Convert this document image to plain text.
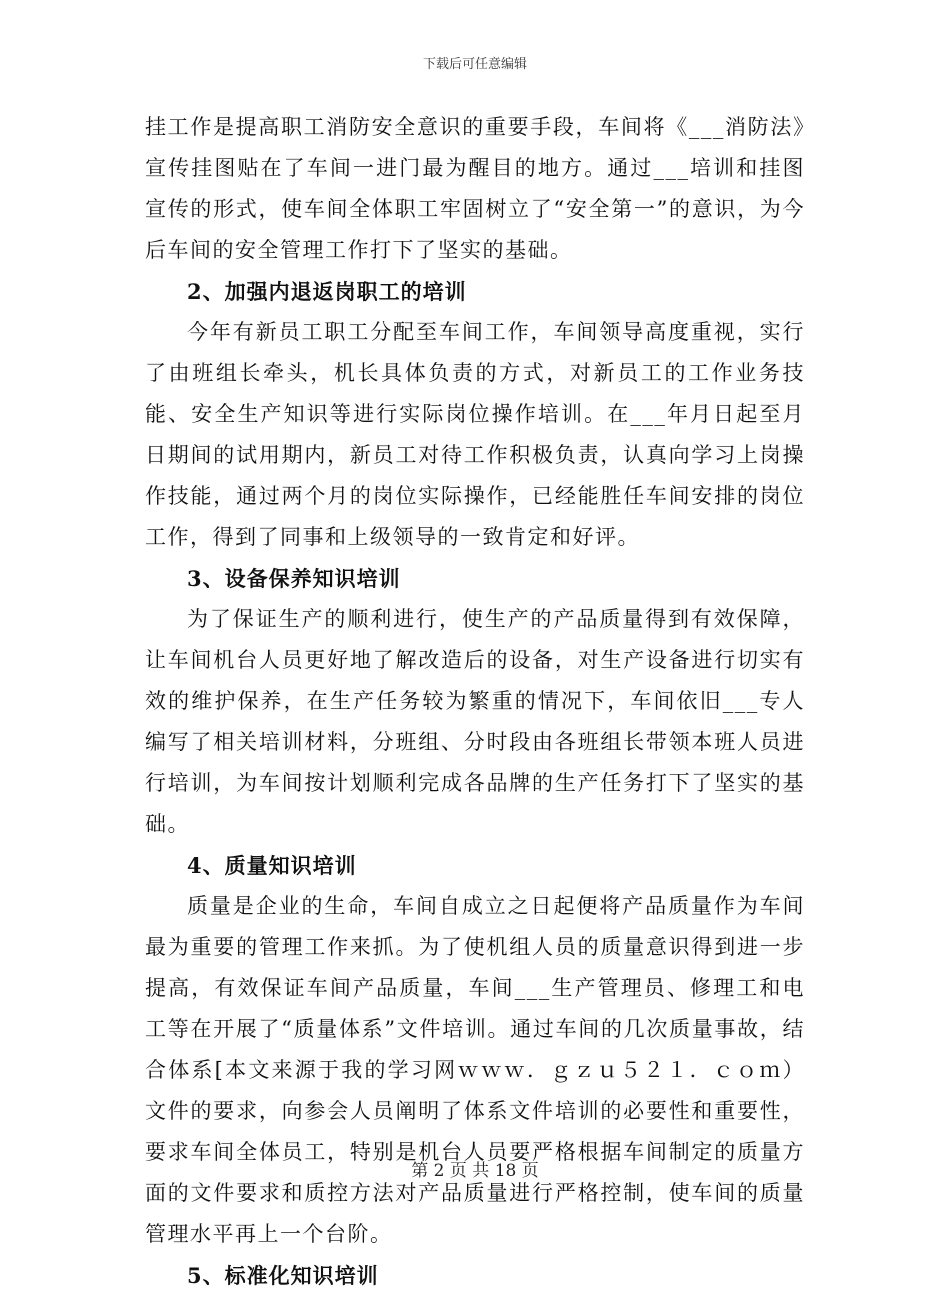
下载后可任意编辑

挂工作是提高职工消防安全意识的重要手段，车间将《___消防法》宣传挂图贴在了车间一进门最为醒目的地方。通过___培训和挂图宣传的形式，使车间全体职工牢固树立了“安全第一”的意识，为今后车间的安全管理工作打下了坚实的基础。

2、加强内退返岗职工的培训

今年有新员工职工分配至车间工作，车间领导高度重视，实行了由班组长牵头，机长具体负责的方式，对新员工的工作业务技能、安全生产知识等进行实际岗位操作培训。在___年月日起至月 日期间的试用期内，新员工对待工作积极负责，认真向学习上岗操作技能，通过两个月的岗位实际操作，已经能胜任车间安排的岗位工作，得到了同事和上级领导的一致肯定和好评。

3、设备保养知识培训

为了保证生产的顺利进行，使生产的产品质量得到有效保障，让车间机台人员更好地了解改造后的设备，对生产设备进行切实有效的维护保养，在生产任务较为繁重的情况下，车间依旧___专人编写了相关培训材料，分班组、分时段由各班组长带领本班人员进行培训，为车间按计划顺利完成各品牌的生产任务打下了坚实的基础。

4、质量知识培训

质量是企业的生命，车间自成立之日起便将产品质量作为车间最为重要的管理工作来抓。为了使机组人员的质量意识得到进一步提高，有效保证车间产品质量，车间___生产管理员、修理工和电工等在开展了“质量体系”文件培训。通过车间的几次质量事故，结合体系[本文来源于我的学习网ｗｗｗ．ｇｚｕ５２１．ｃｏｍ）文件的要求，向参会人员阐明了体系文件培训的必要性和重要性，要求车间全体员工，特别是机台人员要严格根据车间制定的质量方面的文件要求和质控方法对产品质量进行严格控制，使车间的质量管理水平再上一个台阶。

5、标准化知识培训

第 2 页 共 18 页
